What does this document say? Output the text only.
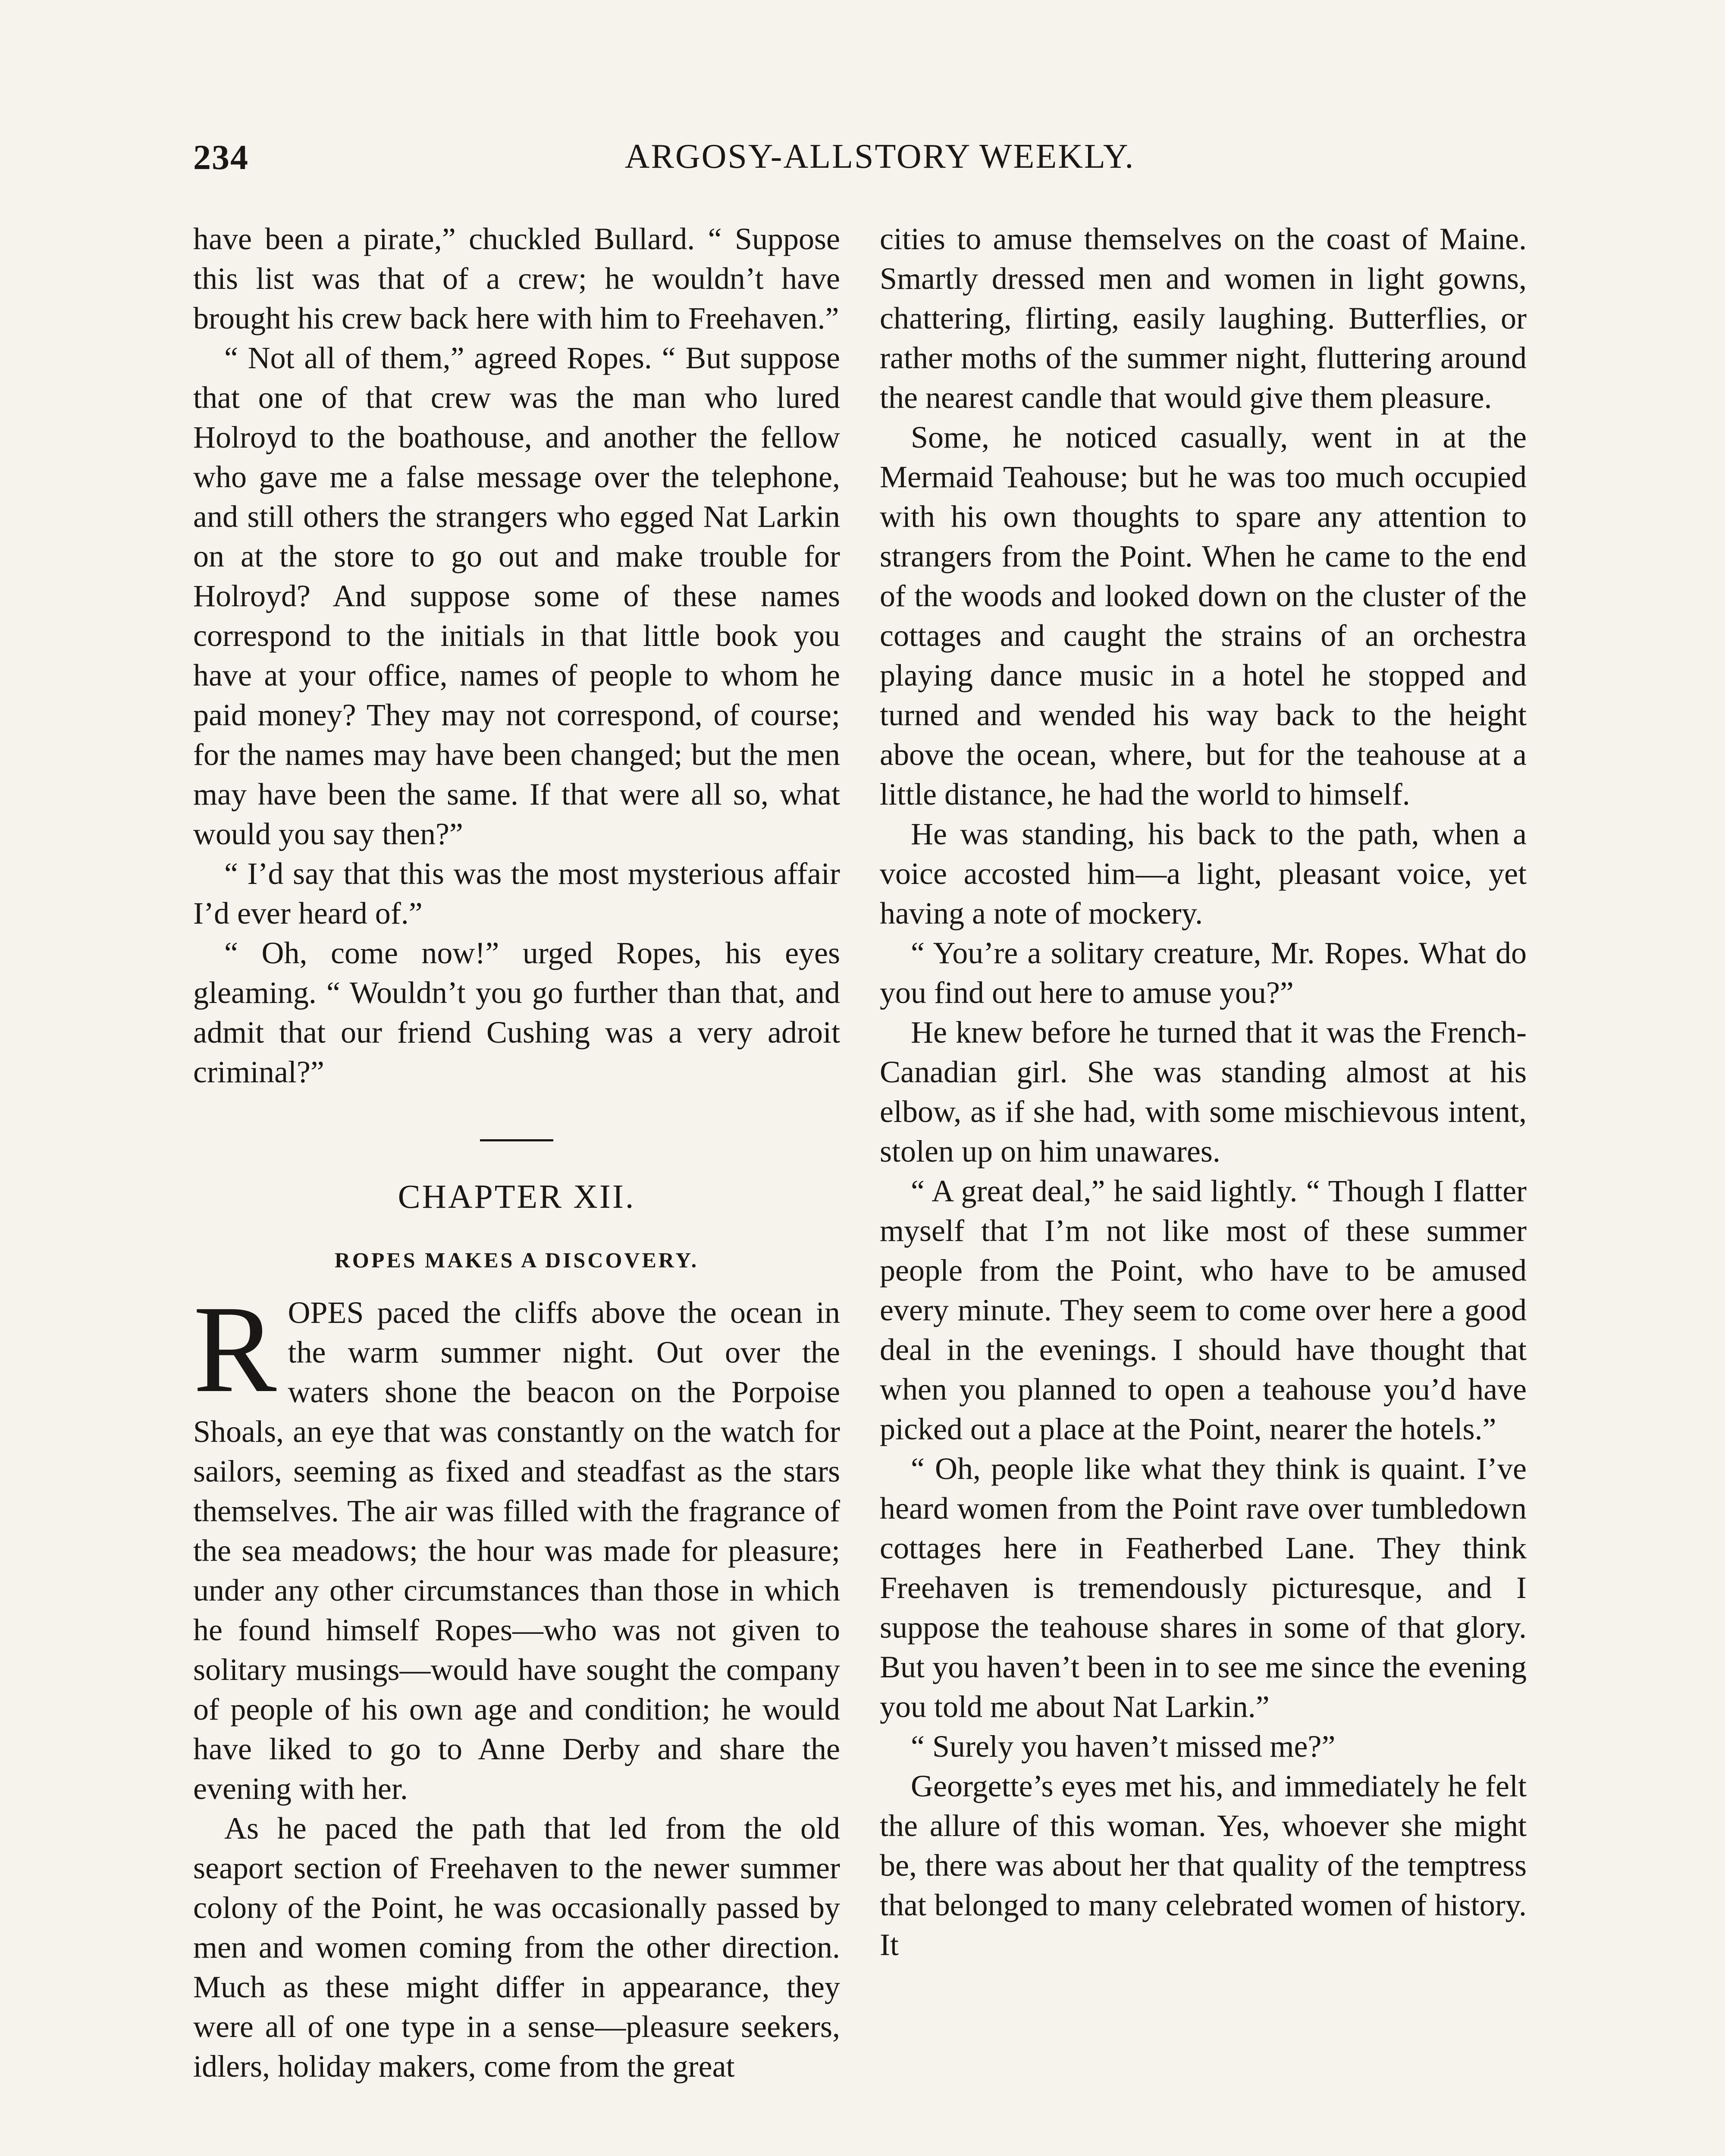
234	ARGOSY-ALLSTORY WEEKLY.

have been a pirate,” chuckled Bullard. “ Suppose this list was that of a crew; he wouldn’t have brought his crew back here with him to Freehaven.”

“ Not all of them,” agreed Ropes. “ But suppose that one of that crew was the man who lured Holroyd to the boathouse, and another the fellow who gave me a false message over the telephone, and still others the strangers who egged Nat Larkin on at the store to go out and make trouble for Holroyd? And suppose some of these names correspond to the initials in that little book you have at your office, names of people to whom he paid money? They may not correspond, of course; for the names may have been changed; but the men may have been the same. If that were all so, what would you say then?”

“ I’d say that this was the most mysterious affair I’d ever heard of.”

“ Oh, come now!” urged Ropes, his eyes gleaming. “ Wouldn’t you go further than that, and admit that our friend Cushing was a very adroit criminal?”

CHAPTER XII.
ROPES MAKES A DISCOVERY.

ROPES paced the cliffs above the ocean in the warm summer night. Out over the waters shone the beacon on the Porpoise Shoals, an eye that was constantly on the watch for sailors, seeming as fixed and steadfast as the stars themselves. The air was filled with the fragrance of the sea meadows; the hour was made for pleasure; under any other circumstances than those in which he found himself Ropes—who was not given to solitary musings—would have sought the company of people of his own age and condition; he would have liked to go to Anne Derby and share the evening with her.

As he paced the path that led from the old seaport section of Freehaven to the newer summer colony of the Point, he was occasionally passed by men and women coming from the other direction. Much as these might differ in appearance, they were all of one type in a sense—pleasure seekers, idlers, holiday makers, come from the great

cities to amuse themselves on the coast of Maine. Smartly dressed men and women in light gowns, chattering, flirting, easily laughing. Butterflies, or rather moths of the summer night, fluttering around the nearest candle that would give them pleasure.

Some, he noticed casually, went in at the Mermaid Teahouse; but he was too much occupied with his own thoughts to spare any attention to strangers from the Point. When he came to the end of the woods and looked down on the cluster of the cottages and caught the strains of an orchestra playing dance music in a hotel he stopped and turned and wended his way back to the height above the ocean, where, but for the teahouse at a little distance, he had the world to himself.

He was standing, his back to the path, when a voice accosted him—a light, pleasant voice, yet having a note of mockery.

“ You’re a solitary creature, Mr. Ropes. What do you find out here to amuse you?”

He knew before he turned that it was the French-Canadian girl. She was standing almost at his elbow, as if she had, with some mischievous intent, stolen up on him unawares.

“ A great deal,” he said lightly. “ Though I flatter myself that I’m not like most of these summer people from the Point, who have to be amused every minute. They seem to come over here a good deal in the evenings. I should have thought that when you planned to open a teahouse you’d have picked out a place at the Point, nearer the hotels.”

“ Oh, people like what they think is quaint. I’ve heard women from the Point rave over tumbledown cottages here in Featherbed Lane. They think Freehaven is tremendously picturesque, and I suppose the teahouse shares in some of that glory. But you haven’t been in to see me since the evening you told me about Nat Larkin.”

“ Surely you haven’t missed me?”

Georgette’s eyes met his, and immediately he felt the allure of this woman. Yes, whoever she might be, there was about her that quality of the temptress that belonged to many celebrated women of history. It
